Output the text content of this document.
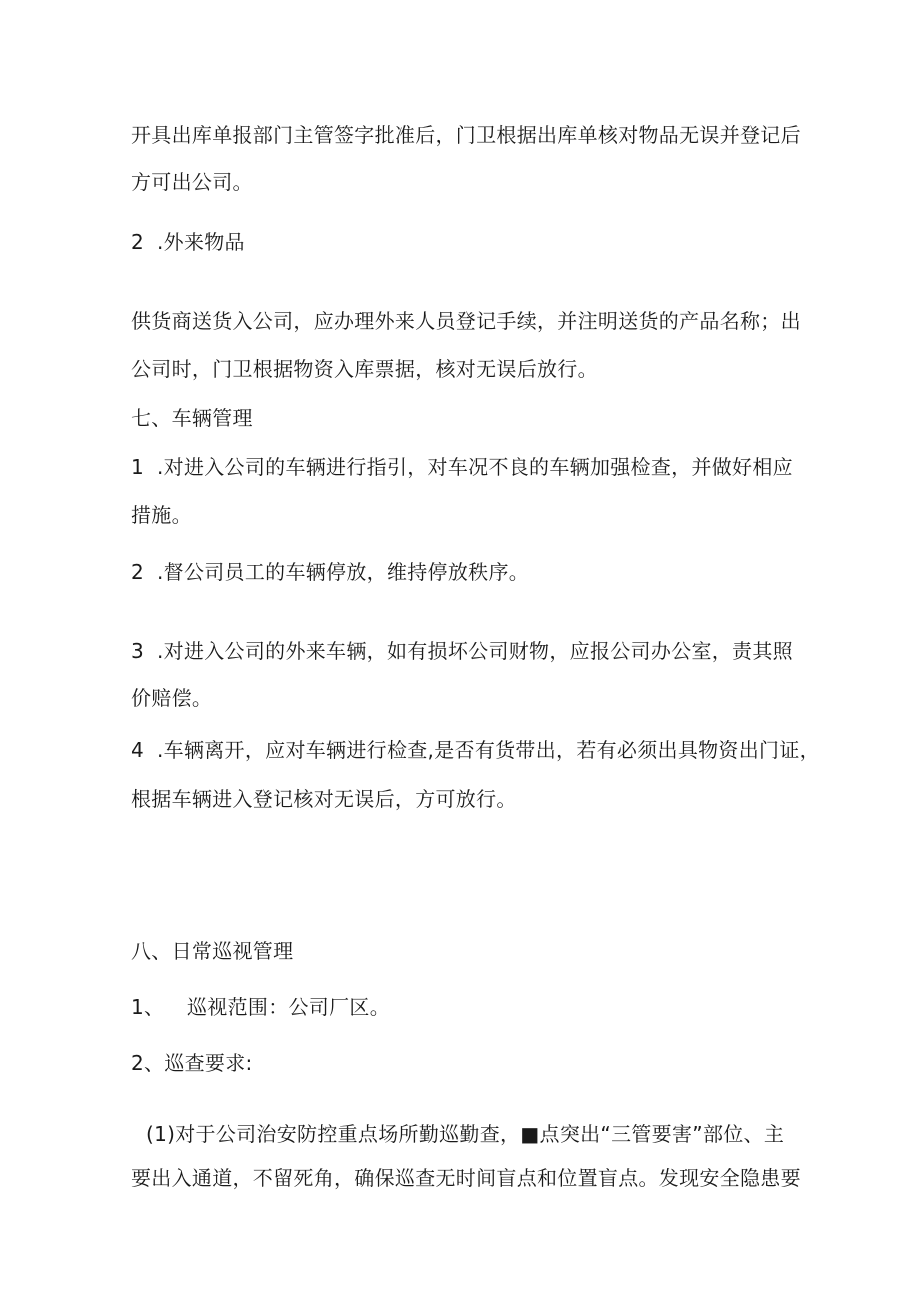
开具出库单报部门主管签字批准后，门卫根据出库单核对物品无误并登记后
方可出公司。
2 .外来物品
供货商送货入公司，应办理外来人员登记手续，并注明送货的产品名称；出
公司时，门卫根据物资入库票据，核对无误后放行。
七、车辆管理
1 .对进入公司的车辆进行指引，对车况不良的车辆加强检查，并做好相应
措施。
2 .督公司员工的车辆停放，维持停放秩序。
3 .对进入公司的外来车辆，如有损坏公司财物，应报公司办公室，责其照
价赔偿。
4 .车辆离开，应对车辆进行检查,是否有货带出，若有必须出具物资出门证，
根据车辆进入登记核对无误后，方可放行。
八、日常巡视管理
1、 巡视范围：公司厂区。
2、巡查要求:
(1)对于公司治安防控重点场所勤巡勤查，■点突出“三管要害”部位、主
要出入通道，不留死角，确保巡查无时间盲点和位置盲点。发现安全隐患要
